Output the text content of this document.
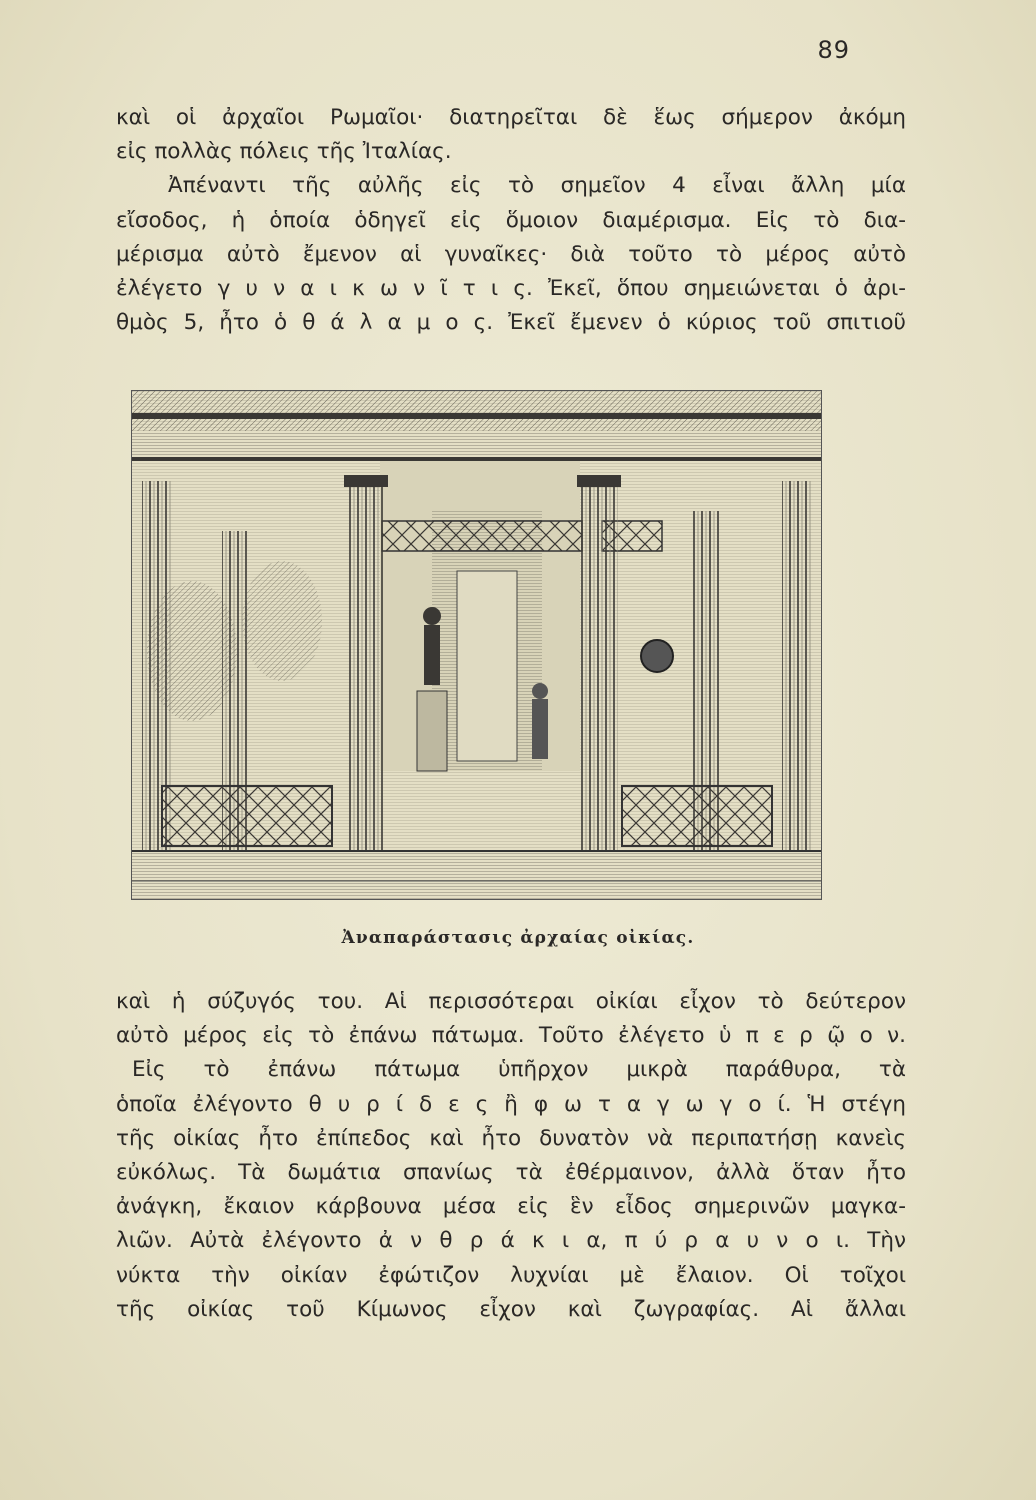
89
καὶ οἱ ἀρχαῖοι Ρωμαῖοι· διατηρεῖται δὲ ἕως σήμερον ἀκόμη
εἰς πολλὰς πόλεις τῆς Ἰταλίας.
Ἀπέναντι τῆς αὐλῆς εἰς τὸ σημεῖον 4 εἶναι ἄλλη μία
εἴσοδος, ἡ ὁποία ὁδηγεῖ εἰς ὅμοιον διαμέρισμα. Εἰς τὸ δια-
μέρισμα αὐτὸ ἔμενον αἱ γυναῖκες· διὰ τοῦτο τὸ μέρος αὐτὸ
ἐλέγετο γ υ ν α ι κ ω ν ῖ τ ι ς. Ἐκεῖ, ὅπου σημειώνεται ὁ ἀρι-
θμὸς 5, ἦτο ὁ θ ά λ α μ ο ς. Ἐκεῖ ἔμενεν ὁ κύριος τοῦ σπιτιοῦ
Ἀναπαράστασις ἀρχαίας οἰκίας.
καὶ ἡ σύζυγός του. Αἱ περισσότεραι οἰκίαι εἶχον τὸ δεύτερον
αὐτὸ μέρος εἰς τὸ ἐπάνω πάτωμα. Τοῦτο ἐλέγετο ὑ π ε ρ ῷ ο ν.
Εἰς τὸ ἐπάνω πάτωμα ὑπῆρχον μικρὰ παράθυρα, τὰ
ὁποῖα ἐλέγοντο θ υ ρ ί δ ε ς ἢ φ ω τ α γ ω γ ο ί. Ἡ στέγη
τῆς οἰκίας ἦτο ἐπίπεδος καὶ ἦτο δυνατὸν νὰ περιπατήσῃ κανεὶς
εὐκόλως. Τὰ δωμάτια σπανίως τὰ ἐθέρμαινον, ἀλλὰ ὅταν ἦτο
ἀνάγκη, ἔκαιον κάρβουνα μέσα εἰς ἓν εἶδος σημερινῶν μαγκα-
λιῶν. Αὐτὰ ἐλέγοντο ἀ ν θ ρ ά κ ι α, π ύ ρ α υ ν ο ι. Τὴν
νύκτα τὴν οἰκίαν ἐφώτιζον λυχνίαι μὲ ἔλαιον. Οἱ τοῖχοι
τῆς οἰκίας τοῦ Κίμωνος εἶχον καὶ ζωγραφίας. Αἱ ἄλλαι
